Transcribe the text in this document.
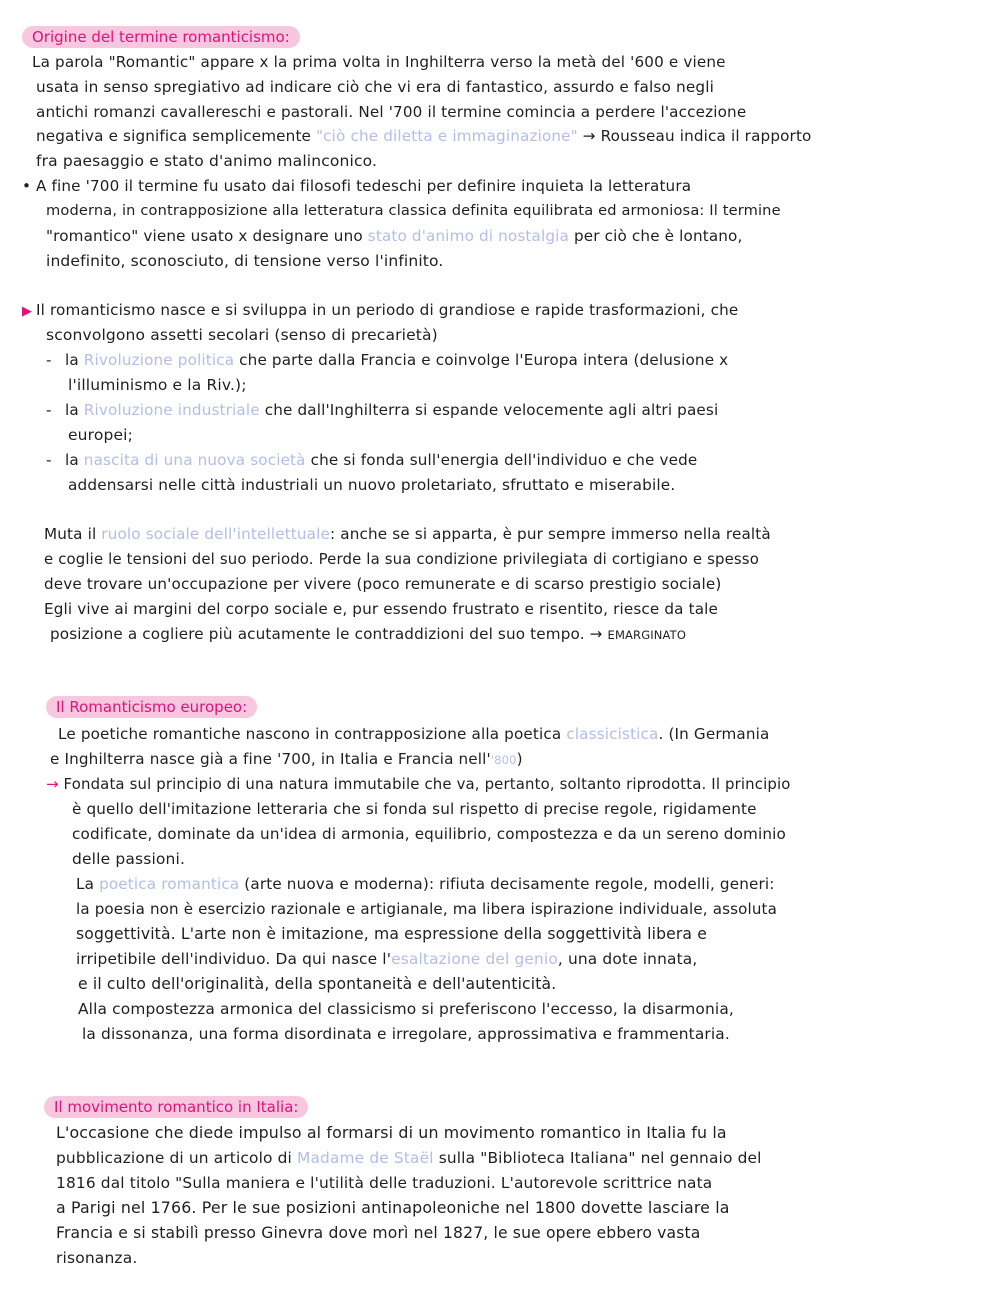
Origine del termine romanticismo:
La parola "Romantic" appare x la prima volta in Inghilterra verso la metà del '600 e viene
usata in senso spregiativo ad indicare ciò che vi era di fantastico, assurdo e falso negli
antichi romanzi cavallereschi e pastorali. Nel '700 il termine comincia a perdere l'accezione
negativa e significa semplicemente "ciò che diletta e immaginazione" → Rousseau indica il rapporto
fra paesaggio e stato d'animo malinconico.
• A fine '700 il termine fu usato dai filosofi tedeschi per definire inquieta la letteratura
moderna, in contrapposizione alla letteratura classica definita equilibrata ed armoniosa: Il termine
"romantico" viene usato x designare uno stato d'animo di nostalgia per ciò che è lontano,
indefinito, sconosciuto, di tensione verso l'infinito.
▶ Il romanticismo nasce e si sviluppa in un periodo di grandiose e rapide trasformazioni, che
sconvolgono assetti secolari (senso di precarietà)
- la Rivoluzione politica che parte dalla Francia e coinvolge l'Europa intera (delusione x
l'illuminismo e la Riv.);
- la Rivoluzione industriale che dall'Inghilterra si espande velocemente agli altri paesi
europei;
- la nascita di una nuova società che si fonda sull'energia dell'individuo e che vede
addensarsi nelle città industriali un nuovo proletariato, sfruttato e miserabile.
Muta il ruolo sociale dell'intellettuale: anche se si apparta, è pur sempre immerso nella realtà
e coglie le tensioni del suo periodo. Perde la sua condizione privilegiata di cortigiano e spesso
deve trovare un'occupazione per vivere (poco remunerate e di scarso prestigio sociale)
Egli vive ai margini del corpo sociale e, pur essendo frustrato e risentito, riesce da tale
posizione a cogliere più acutamente le contraddizioni del suo tempo. → EMARGINATO
Il Romanticismo europeo:
Le poetiche romantiche nascono in contrapposizione alla poetica classicistica. (In Germania
e Inghilterra nasce già a fine '700, in Italia e Francia nell''800)
→ Fondata sul principio di una natura immutabile che va, pertanto, soltanto riprodotta. Il principio
è quello dell'imitazione letteraria che si fonda sul rispetto di precise regole, rigidamente
codificate, dominate da un'idea di armonia, equilibrio, compostezza e da un sereno dominio
delle passioni.
La poetica romantica (arte nuova e moderna): rifiuta decisamente regole, modelli, generi:
la poesia non è esercizio razionale e artigianale, ma libera ispirazione individuale, assoluta
soggettività. L'arte non è imitazione, ma espressione della soggettività libera e
irripetibile dell'individuo. Da qui nasce l'esaltazione del genio, una dote innata,
e il culto dell'originalità, della spontaneità e dell'autenticità.
Alla compostezza armonica del classicismo si preferiscono l'eccesso, la disarmonia,
la dissonanza, una forma disordinata e irregolare, approssimativa e frammentaria.
Il movimento romantico in Italia:
L'occasione che diede impulso al formarsi di un movimento romantico in Italia fu la
pubblicazione di un articolo di Madame de Staël sulla "Biblioteca Italiana" nel gennaio del
1816 dal titolo "Sulla maniera e l'utilità delle traduzioni. L'autorevole scrittrice nata
a Parigi nel 1766. Per le sue posizioni antinapoleoniche nel 1800 dovette lasciare la
Francia e si stabilì presso Ginevra dove morì nel 1827, le sue opere ebbero vasta
risonanza.
